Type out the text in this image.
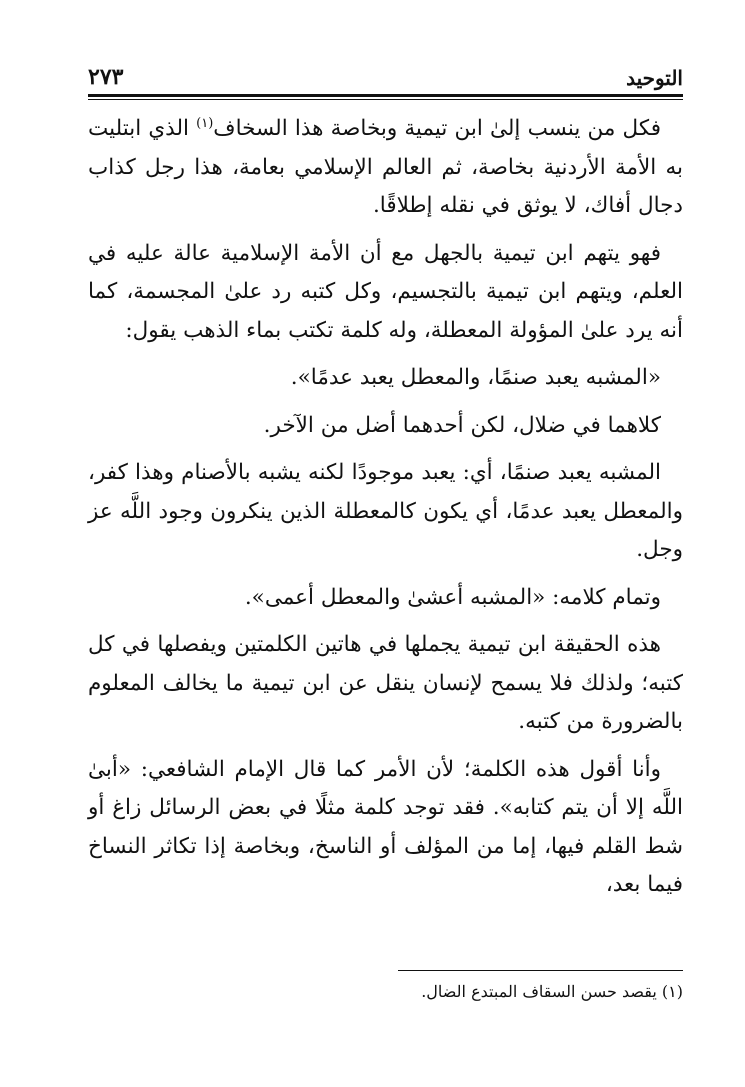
التوحيد
٢٧٣

فكل من ينسب إلىٰ ابن تيمية وبخاصة هذا السخاف$^{(١)}$ الذي ابتليت به الأمة الأردنية بخاصة، ثم العالم الإسلامي بعامة، هذا رجل كذاب دجال أفاك، لا يوثق في نقله إطلاقًا.

فهو يتهم ابن تيمية بالجهل مع أن الأمة الإسلامية عالة عليه في العلم، ويتهم ابن تيمية بالتجسيم، وكل كتبه رد علىٰ المجسمة، كما أنه يرد علىٰ المؤولة المعطلة، وله كلمة تكتب بماء الذهب يقول:

«المشبه يعبد صنمًا، والمعطل يعبد عدمًا».

كلاهما في ضلال، لكن أحدهما أضل من الآخر.

المشبه يعبد صنمًا، أي: يعبد موجودًا لكنه يشبه بالأصنام وهذا كفر، والمعطل يعبد عدمًا، أي يكون كالمعطلة الذين ينكرون وجود اللَّه عز وجل.

وتمام كلامه: «المشبه أعشىٰ والمعطل أعمى».

هذه الحقيقة ابن تيمية يجملها في هاتين الكلمتين ويفصلها في كل كتبه؛ ولذلك فلا يسمح لإنسان ينقل عن ابن تيمية ما يخالف المعلوم بالضرورة من كتبه.

وأنا أقول هذه الكلمة؛ لأن الأمر كما قال الإمام الشافعي: «أبىٰ اللَّه إلا أن يتم كتابه». فقد توجد كلمة مثلًا في بعض الرسائل زاغ أو شط القلم فيها، إما من المؤلف أو الناسخ، وبخاصة إذا تكاثر النساخ فيما بعد،

(١) يقصد حسن السقاف المبتدع الضال.
